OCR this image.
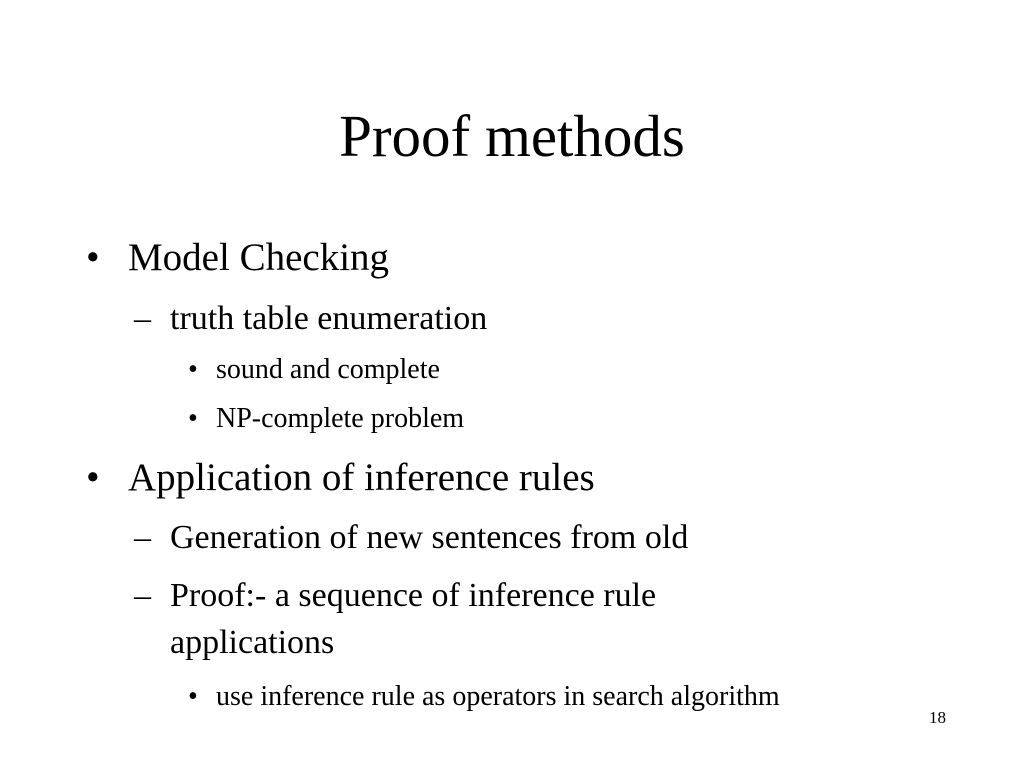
Proof methods
• Model Checking
– truth table enumeration
• sound and complete
• NP-complete problem
• Application of inference rules
– Generation of new sentences from old
– Proof:- a sequence of inference rule
applications
• use inference rule as operators in search algorithm
18
